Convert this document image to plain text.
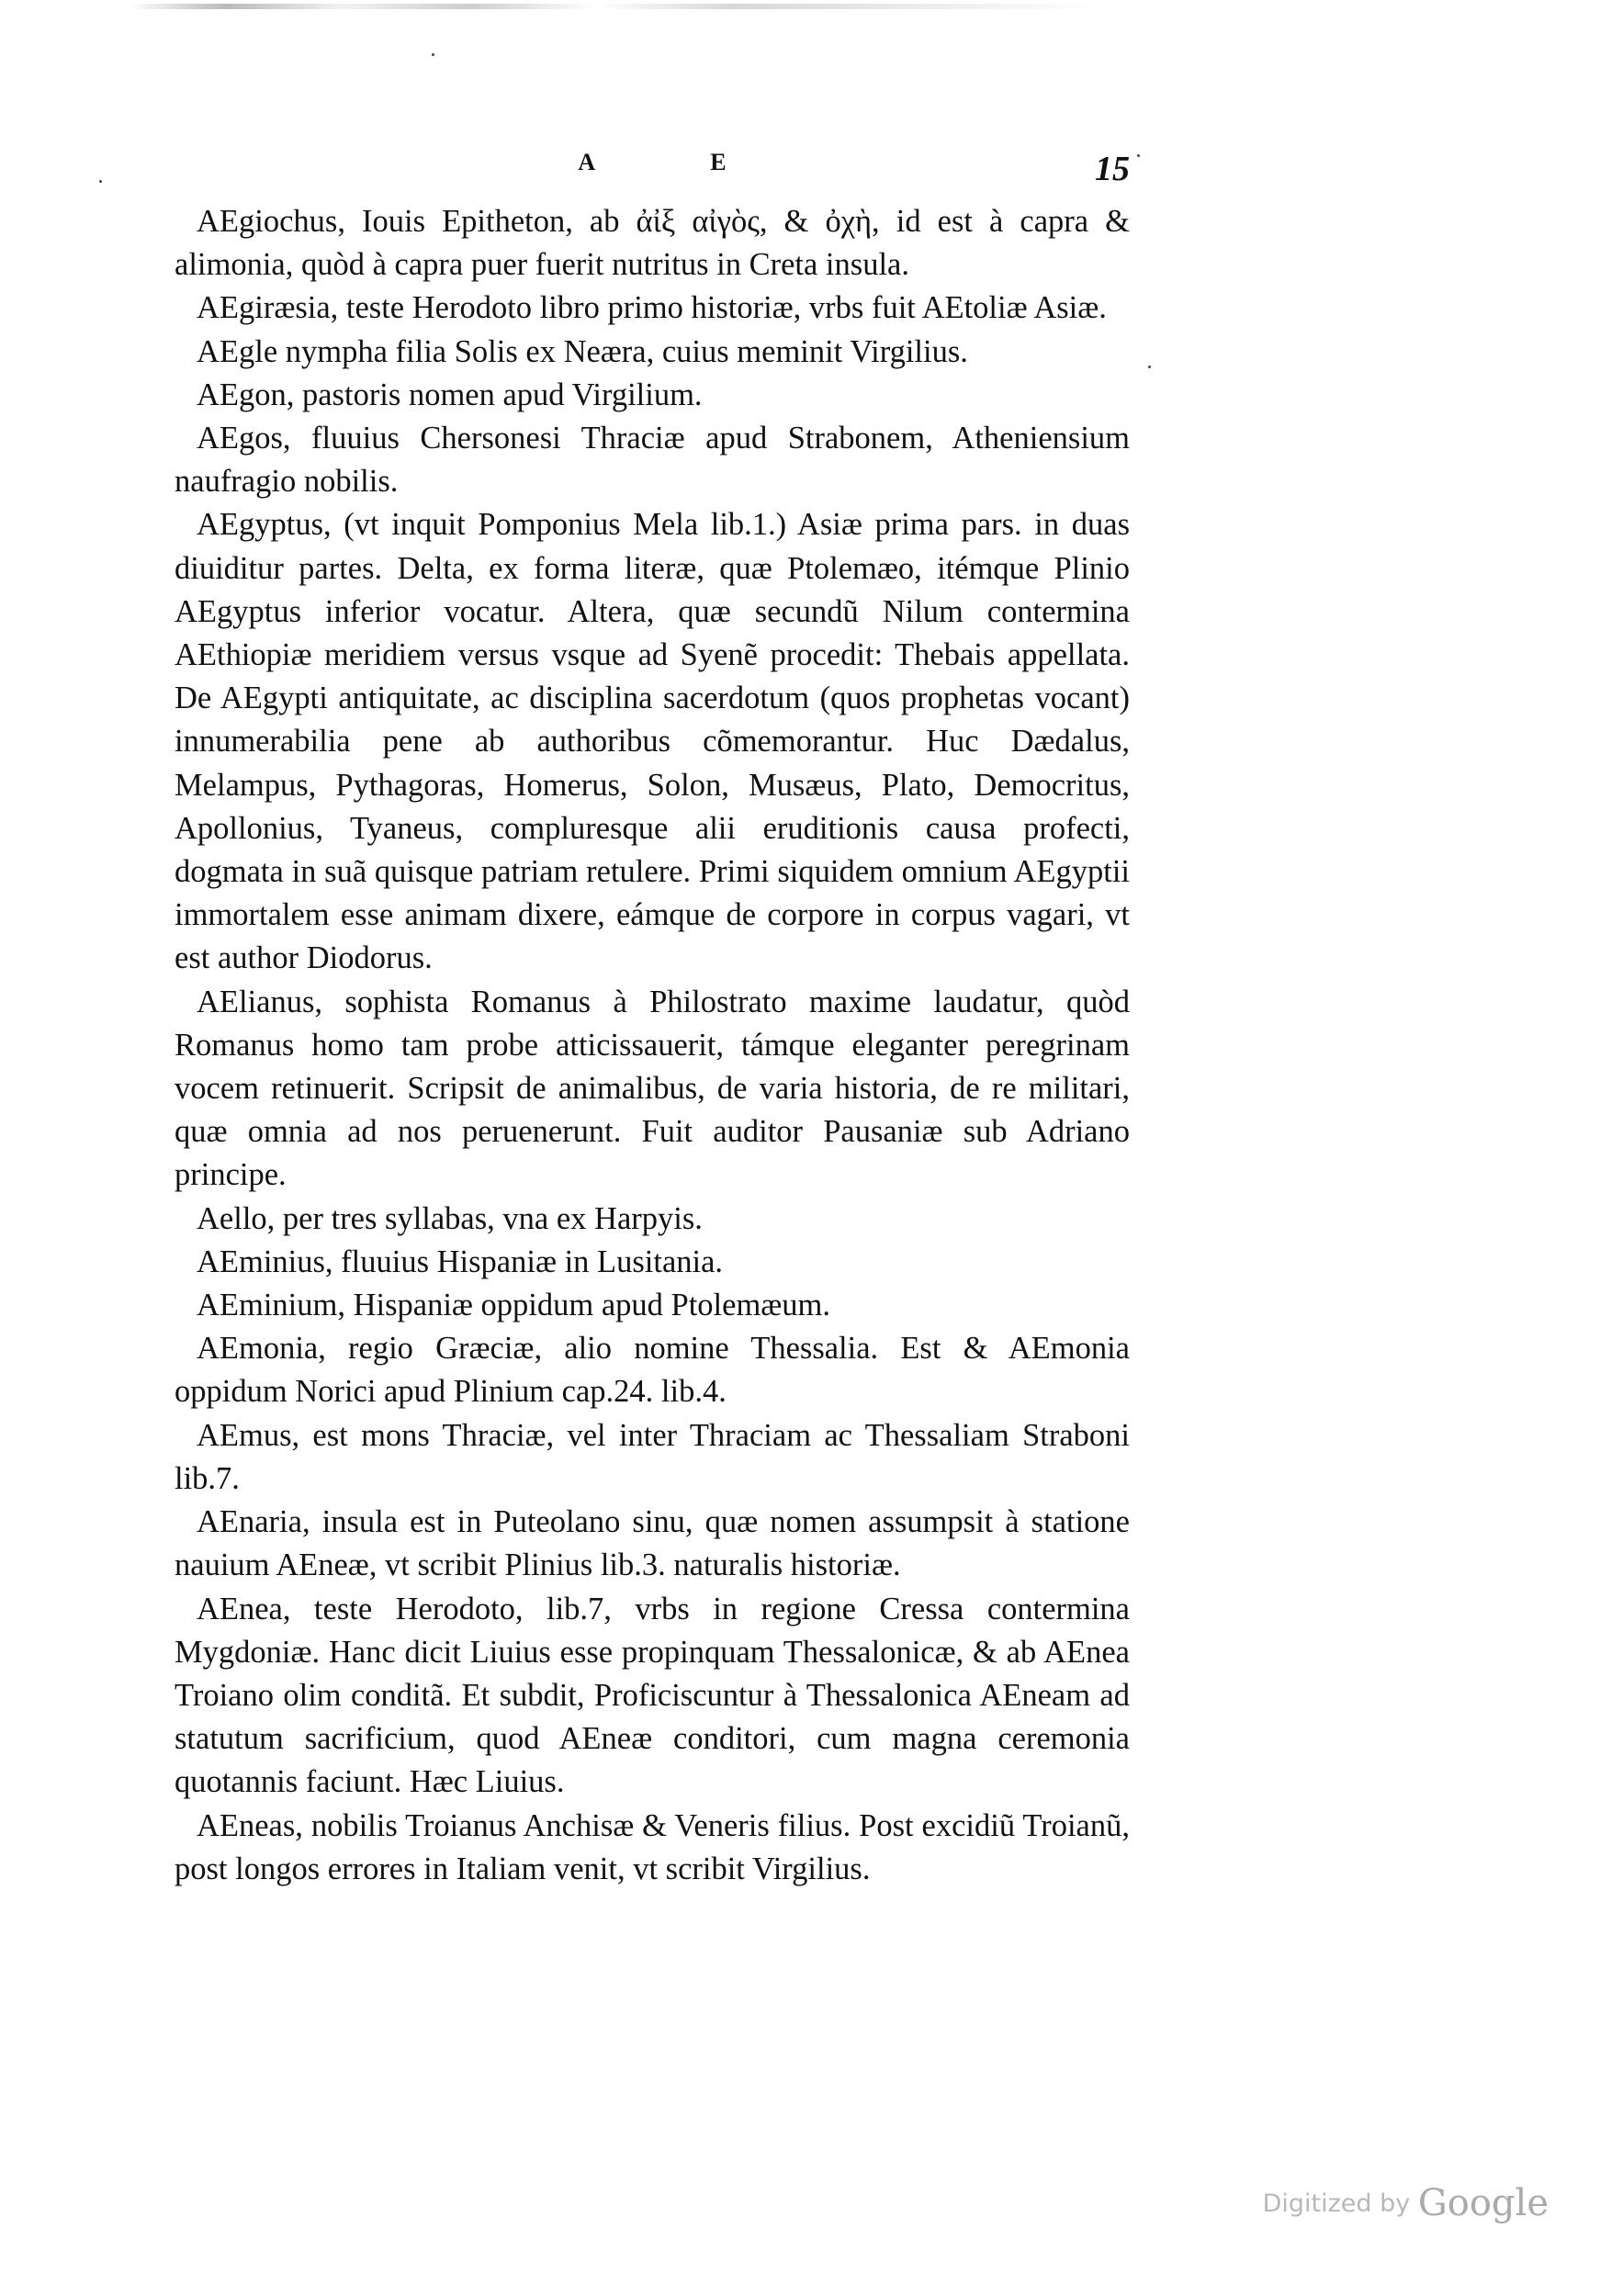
A E	15

AEgiochus, Iouis Epitheton, ab ἀἰξ αἰγὸς, & ὀχὴ, id est à capra & alimonia, quòd à capra puer fuerit nutritus in Creta insula.

AEgiræsia, teste Herodoto libro primo historiæ, vrbs fuit AEtoliæ Asiæ.

AEgle nympha filia Solis ex Neæra, cuius meminit Virgilius.

AEgon, pastoris nomen apud Virgilium.

AEgos, fluuius Chersonesi Thraciæ apud Strabonem, Atheniensium naufragio nobilis.

AEgyptus, (vt inquit Pomponius Mela lib.1.) Asiæ prima pars. in duas diuiditur partes. Delta, ex forma literæ, quæ Ptolemæo, itémque Plinio AEgyptus inferior vocatur. Altera, quæ secundũ Nilum contermina AEthiopiæ meridiem versus vsque ad Syenẽ procedit: Thebais appellata. De AEgypti antiquitate, ac disciplina sacerdotum (quos prophetas vocant) innumerabilia pene ab authoribus cõmemorantur. Huc Dædalus, Melampus, Pythagoras, Homerus, Solon, Musæus, Plato, Democritus, Apollonius, Tyaneus, compluresque alii eruditionis causa profecti, dogmata in suã quisque patriam retulere. Primi siquidem omnium AEgyptii immortalem esse animam dixere, eámque de corpore in corpus vagari, vt est author Diodorus.

AElianus, sophista Romanus à Philostrato maxime laudatur, quòd Romanus homo tam probe atticissauerit, támque eleganter peregrinam vocem retinuerit. Scripsit de animalibus, de varia historia, de re militari, quæ omnia ad nos peruenerunt. Fuit auditor Pausaniæ sub Adriano principe.

Aello, per tres syllabas, vna ex Harpyis.

AEminius, fluuius Hispaniæ in Lusitania.

AEminium, Hispaniæ oppidum apud Ptolemæum.

AEmonia, regio Græciæ, alio nomine Thessalia. Est & AEmonia oppidum Norici apud Plinium cap.24. lib.4.

AEmus, est mons Thraciæ, vel inter Thraciam ac Thessaliam Straboni lib.7.

AEnaria, insula est in Puteolano sinu, quæ nomen assumpsit à statione nauium AEneæ, vt scribit Plinius lib.3. naturalis historiæ.

AEnea, teste Herodoto, lib.7, vrbs in regione Cressa contermina Mygdoniæ. Hanc dicit Liuius esse propinquam Thessalonicæ, & ab AEnea Troiano olim conditã. Et subdit, Proficiscuntur à Thessalonica AEneam ad statutum sacrificium, quod AEneæ conditori, cum magna ceremonia quotannis faciunt. Hæc Liuius.

AEneas, nobilis Troianus Anchisæ & Veneris filius. Post excidiũ Troianũ, post longos errores in Italiam venit, vt scribit Virgilius.

Digitized by Google
